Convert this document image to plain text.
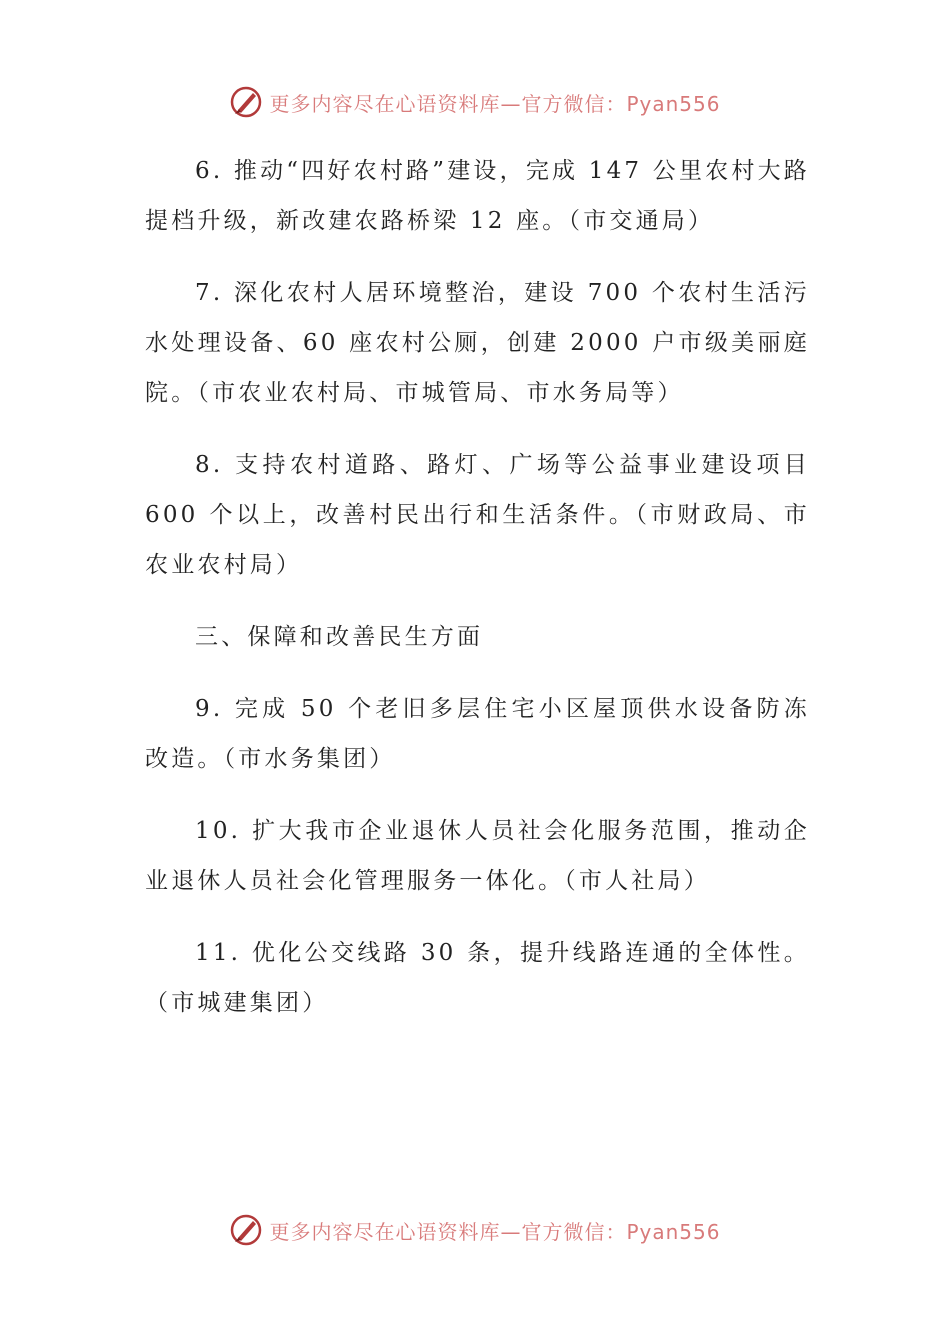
更多内容尽在心语资料库—官方微信：Pyan556

6. 推动“四好农村路”建设，完成 147 公里农村大路提档升级，新改建农路桥梁 12 座。（市交通局）

7. 深化农村人居环境整治，建设 700 个农村生活污水处理设备、60 座农村公厕，创建 2000 户市级美丽庭院。（市农业农村局、市城管局、市水务局等）

8. 支持农村道路、路灯、广场等公益事业建设项目 600 个以上，改善村民出行和生活条件。（市财政局、市农业农村局）

三、保障和改善民生方面

9. 完成 50 个老旧多层住宅小区屋顶供水设备防冻改造。（市水务集团）

10. 扩大我市企业退休人员社会化服务范围，推动企业退休人员社会化管理服务一体化。（市人社局）

11. 优化公交线路 30 条，提升线路连通的全体性。（市城建集团）

更多内容尽在心语资料库—官方微信：Pyan556
